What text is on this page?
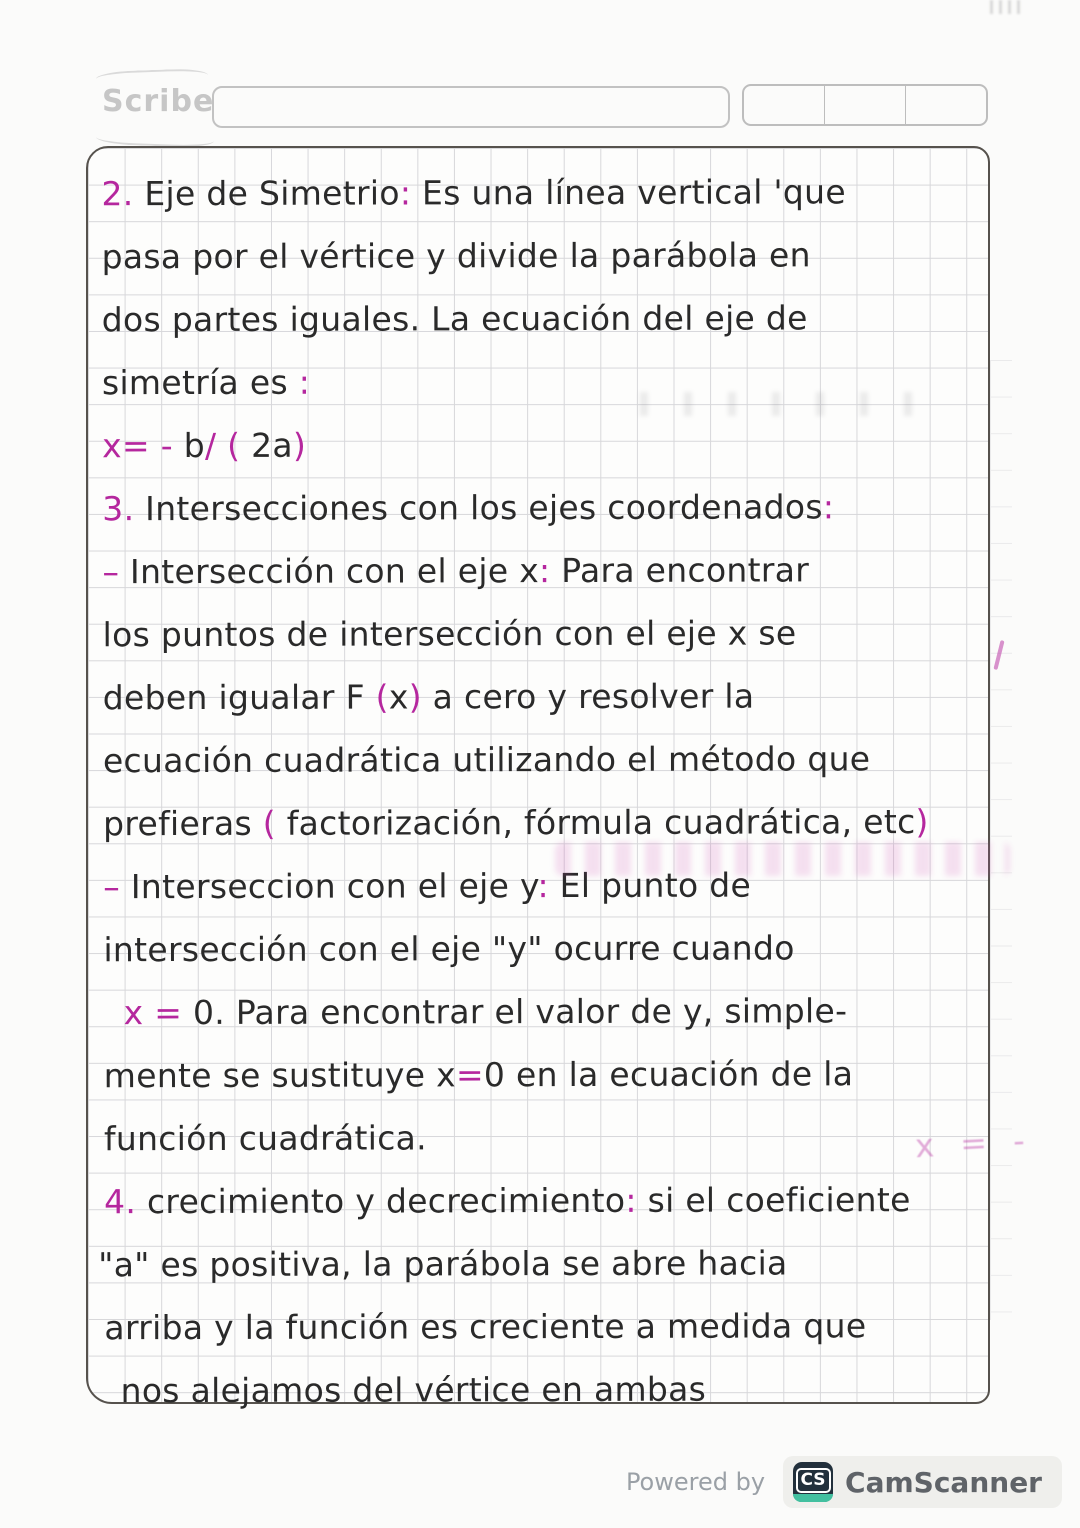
Scribe
2. Eje de Simetrio: Es una línea vertical 'que
pasa por el vértice y divide la parábola en
dos partes iguales. La ecuación del eje de
simetría es :
x= - b/ ( 2a)
3. Intersecciones con los ejes coordenados:
– Intersección con el eje x: Para encontrar
los puntos de intersección con el eje x se
deben igualar F (x) a cero y resolver la
ecuación cuadrática utilizando el método que
prefieras ( factorización, fórmula cuadrática, etc)
– Interseccion con el eje y: El punto de
intersección con el eje "y" ocurre cuando
x = 0. Para encontrar el valor de y, simple-
mente se sustituye x=0 en la ecuación de la
función cuadrática.
4. crecimiento y decrecimiento: si el coeficiente
"a" es positiva, la parábola se abre hacia
arriba y la función es creciente a medida que
nos alejamos del vértice en ambas
- = x
Powered by CS CamScanner
